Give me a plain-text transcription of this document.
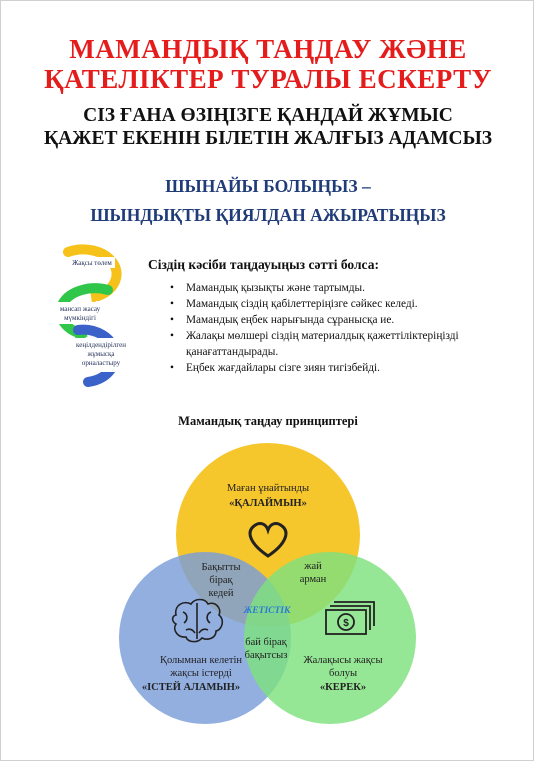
МАМАНДЫҚ ТАҢДАУ ЖӘНЕ
ҚАТЕЛІКТЕР ТУРАЛЫ ЕСКЕРТУ
СІЗ ҒАНА ӨЗІҢІЗГЕ ҚАНДАЙ ЖҰМЫС
ҚАЖЕТ ЕКЕНІН БІЛЕТІН ЖАЛҒЫЗ АДАМСЫЗ
ШЫНАЙЫ БОЛЫҢЫЗ –
ШЫНДЫҚТЫ ҚИЯЛДАН АЖЫРАТЫҢЫЗ
Жақсы төлем
мансап жасау
мүмкіндігі
кеңілдендірілген
жұмысқа
орналастыру
Сіздің кәсіби таңдауыңыз сәтті болса:
• Мамандық қызықты және тартымды.
• Мамандық сіздің қабілеттеріңізге сәйкес келеді.
• Мамандық еңбек нарығында сұранысқа ие.
• Жалақы мөлшері сіздің материалдық қажеттіліктеріңізді қанағаттандырады.
• Еңбек жағдайлары сізге зиян тигізбейді.
Мамандық таңдау принциптері
$
Маған ұнайтынды
«ҚАЛАЙМЫН»
Қолымнан келетін
жақсы істерді
«ІСТЕЙ АЛАМЫН»
Жалақысы жақсы
болуы
«КЕРЕК»
Бақытты
бірақ
кедей
жай
арман
бай бірақ
бақытсыз
ЖЕТІСТІК
